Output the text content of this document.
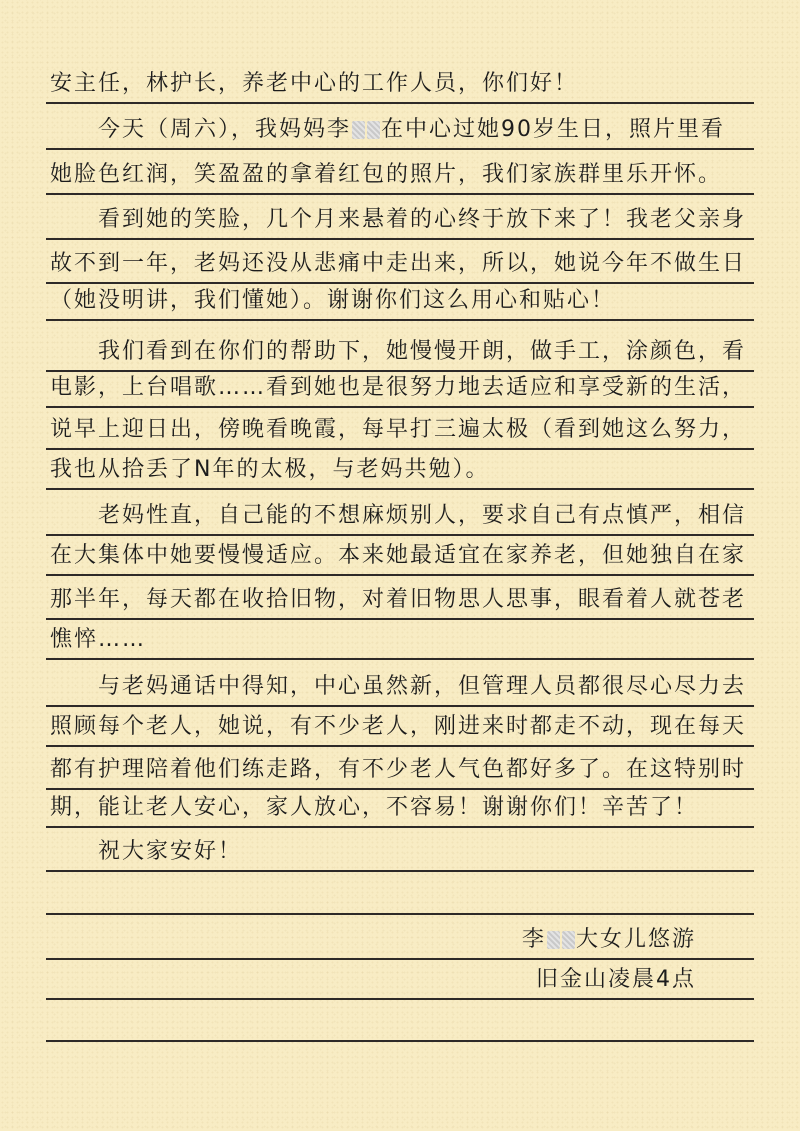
安主任，林护长，养老中心的工作人员，你们好！
今天（周六），我妈妈李 在中心过她90岁生日，照片里看
她脸色红润，笑盈盈的拿着红包的照片，我们家族群里乐开怀。
看到她的笑脸，几个月来悬着的心终于放下来了！我老父亲身
故不到一年，老妈还没从悲痛中走出来，所以，她说今年不做生日
（她没明讲，我们懂她）。谢谢你们这么用心和贴心！
我们看到在你们的帮助下，她慢慢开朗，做手工，涂颜色，看
电影，上台唱歌……看到她也是很努力地去适应和享受新的生活，
说早上迎日出，傍晚看晚霞，每早打三遍太极（看到她这么努力，
我也从拾丢了N年的太极，与老妈共勉）。
老妈性直，自己能的不想麻烦别人，要求自己有点慎严，相信
在大集体中她要慢慢适应。本来她最适宜在家养老，但她独自在家
那半年，每天都在收拾旧物，对着旧物思人思事，眼看着人就苍老
憔悴……
与老妈通话中得知，中心虽然新，但管理人员都很尽心尽力去
照顾每个老人，她说，有不少老人，刚进来时都走不动，现在每天
都有护理陪着他们练走路，有不少老人气色都好多了。在这特别时
期，能让老人安心，家人放心，不容易！谢谢你们！辛苦了！
祝大家安好！
李 大女儿悠游
旧金山凌晨4点
